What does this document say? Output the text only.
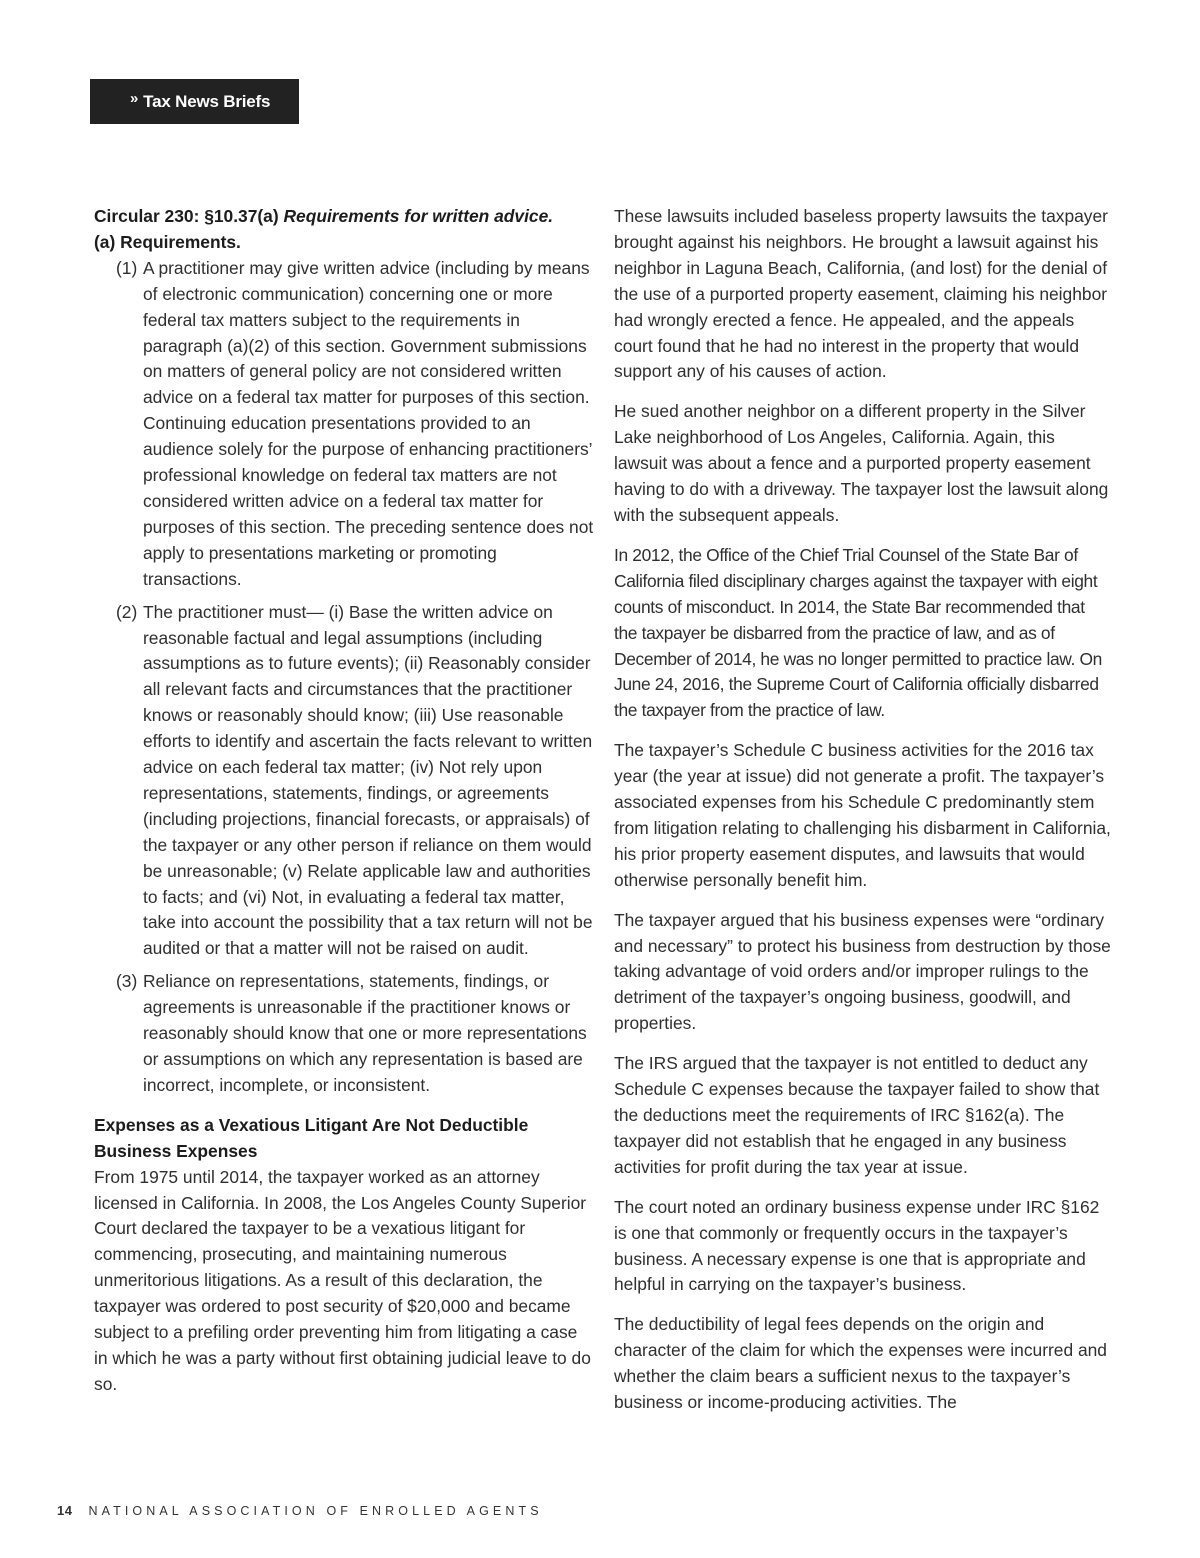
» Tax News Briefs
Circular 230: §10.37(a) Requirements for written advice.
(a) Requirements.
(1) A practitioner may give written advice (including by means of electronic communication) concerning one or more federal tax matters subject to the requirements in paragraph (a)(2) of this section. Government submissions on matters of general policy are not considered written advice on a federal tax matter for purposes of this section. Continuing education presentations provided to an audience solely for the purpose of enhancing practitioners’ professional knowledge on federal tax matters are not considered written advice on a federal tax matter for purposes of this section. The preceding sentence does not apply to presentations marketing or promoting transactions.
(2) The practitioner must— (i) Base the written advice on reasonable factual and legal assumptions (including assumptions as to future events); (ii) Reasonably consider all relevant facts and circumstances that the practitioner knows or reasonably should know; (iii) Use reasonable efforts to identify and ascertain the facts relevant to written advice on each federal tax matter; (iv) Not rely upon representations, statements, findings, or agreements (including projections, financial forecasts, or appraisals) of the taxpayer or any other person if reliance on them would be unreasonable; (v) Relate applicable law and authorities to facts; and (vi) Not, in evaluating a federal tax matter, take into account the possibility that a tax return will not be audited or that a matter will not be raised on audit.
(3) Reliance on representations, statements, findings, or agreements is unreasonable if the practitioner knows or reasonably should know that one or more representations or assumptions on which any representation is based are incorrect, incomplete, or inconsistent.
Expenses as a Vexatious Litigant Are Not Deductible Business Expenses

From 1975 until 2014, the taxpayer worked as an attorney licensed in California. In 2008, the Los Angeles County Superior Court declared the taxpayer to be a vexatious litigant for commencing, prosecuting, and maintaining numerous unmeritorious litigations. As a result of this declaration, the taxpayer was ordered to post security of $20,000 and became subject to a prefiling order preventing him from litigating a case in which he was a party without first obtaining judicial leave to do so.

These lawsuits included baseless property lawsuits the taxpayer brought against his neighbors. He brought a lawsuit against his neighbor in Laguna Beach, California, (and lost) for the denial of the use of a purported property easement, claiming his neighbor had wrongly erected a fence. He appealed, and the appeals court found that he had no interest in the property that would support any of his causes of action.

He sued another neighbor on a different property in the Silver Lake neighborhood of Los Angeles, California. Again, this lawsuit was about a fence and a purported property easement having to do with a driveway. The taxpayer lost the lawsuit along with the subsequent appeals.

In 2012, the Office of the Chief Trial Counsel of the State Bar of California filed disciplinary charges against the taxpayer with eight counts of misconduct. In 2014, the State Bar recommended that the taxpayer be disbarred from the practice of law, and as of December of 2014, he was no longer permitted to practice law. On June 24, 2016, the Supreme Court of California officially disbarred the taxpayer from the practice of law.

The taxpayer’s Schedule C business activities for the 2016 tax year (the year at issue) did not generate a profit. The taxpayer’s associated expenses from his Schedule C predominantly stem from litigation relating to challenging his disbarment in California, his prior property easement disputes, and lawsuits that would otherwise personally benefit him.

The taxpayer argued that his business expenses were “ordinary and necessary” to protect his business from destruction by those taking advantage of void orders and/or improper rulings to the detriment of the taxpayer’s ongoing business, goodwill, and properties.

The IRS argued that the taxpayer is not entitled to deduct any Schedule C expenses because the taxpayer failed to show that the deductions meet the requirements of IRC §162(a). The taxpayer did not establish that he engaged in any business activities for profit during the tax year at issue.

The court noted an ordinary business expense under IRC §162 is one that commonly or frequently occurs in the taxpayer’s business. A necessary expense is one that is appropriate and helpful in carrying on the taxpayer’s business.

The deductibility of legal fees depends on the origin and character of the claim for which the expenses were incurred and whether the claim bears a sufficient nexus to the taxpayer’s business or income-producing activities. The

14 NATIONAL ASSOCIATION OF ENROLLED AGENTS
